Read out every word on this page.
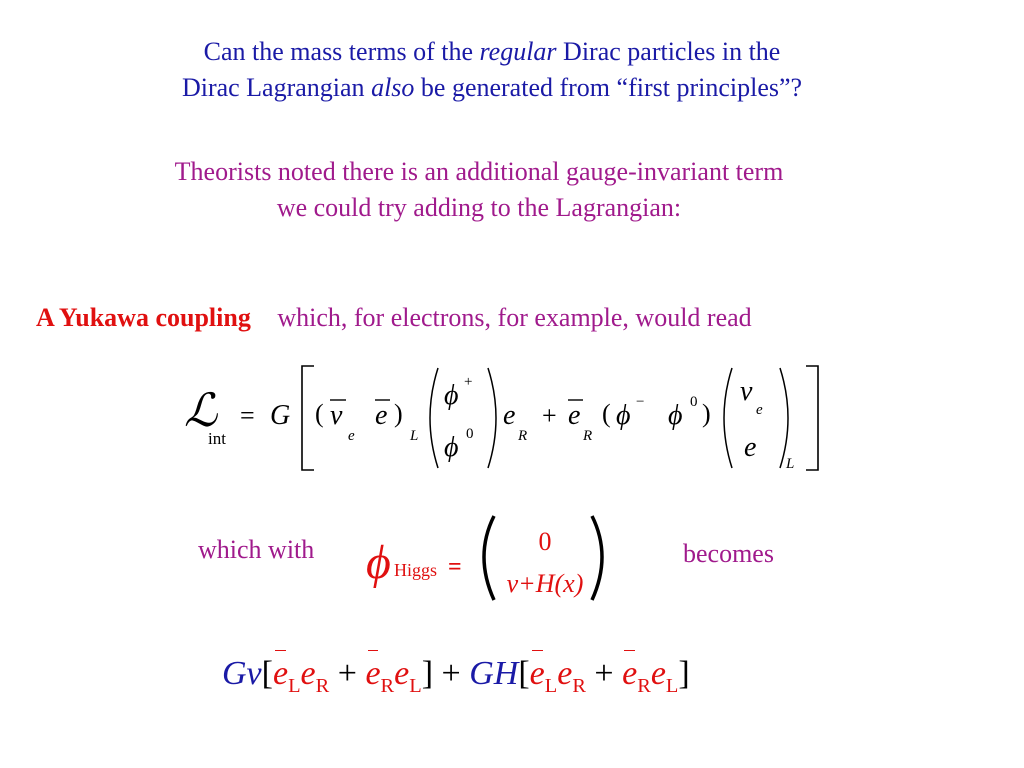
Can the mass terms of the regular Dirac particles in the
Dirac Lagrangian also be generated from “first principles”?
Theorists noted there is an additional gauge-invariant term
we could try adding to the Lagrangian:
A Yukawa coupling which, for electrons, for example, would read
ℒ
int
= G ( ν
e
e )
L
ϕ +
ϕ 0
e
R
+ e
R
( ϕ − ϕ 0 )
ν
e
e
L
which with ϕ Higgs =
0
v+H(x)
becomes
$Gv[e_Le_R + e_Re_L] + GH[e_Le_R + e_Re_L]$
